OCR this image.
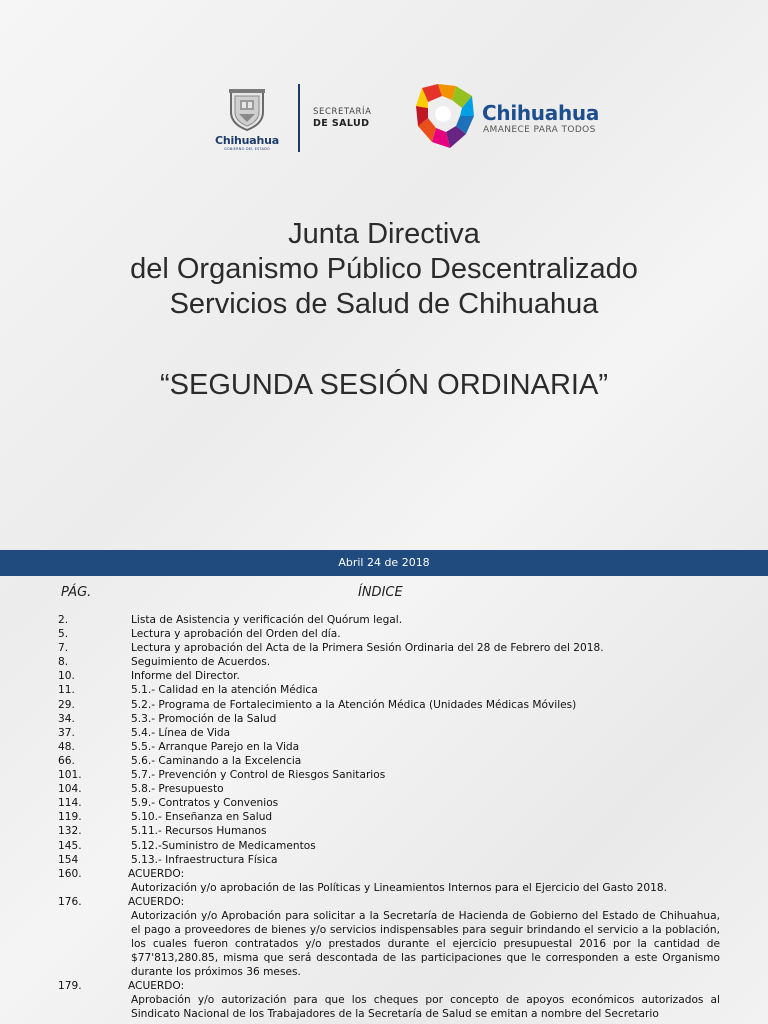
Chihuahua
GOBIERNO DEL ESTADO
SECRETARÍA
DE SALUD	Chihuahua
AMANECE PARA TODOS
Junta Directiva
del Organismo Público Descentralizado
Servicios de Salud de Chihuahua
“SEGUNDA SESIÓN ORDINARIA”
Abril 24 de 2018
PÁG.	ÍNDICE
2.	Lista de Asistencia y verificación del Quórum legal.
5.	Lectura y aprobación del Orden del día.
7.	Lectura y aprobación del Acta de la Primera Sesión Ordinaria del 28 de Febrero del 2018.
8.	Seguimiento de Acuerdos.
10.	Informe del Director.
11.	5.1.- Calidad en la atención Médica
29.	5.2.- Programa de Fortalecimiento a la Atención Médica (Unidades Médicas Móviles)
34.	5.3.- Promoción de la Salud
37.	5.4.- Línea de Vida
48.	5.5.- Arranque Parejo en la Vida
66.	5.6.- Caminando a la Excelencia
101.	5.7.- Prevención y Control de Riesgos Sanitarios
104.	5.8.- Presupuesto
114.	5.9.- Contratos y Convenios
119.	5.10.- Enseñanza en Salud
132.	5.11.- Recursos Humanos
145.	5.12.-Suministro de Medicamentos
154	5.13.- Infraestructura Física
160.	ACUERDO:
Autorización y/o aprobación de las Políticas y Lineamientos Internos para el Ejercicio del Gasto 2018.
176.	ACUERDO:
Autorización y/o Aprobación para solicitar a la Secretaría de Hacienda de Gobierno del Estado de Chihuahua, el pago a proveedores de bienes y/o servicios indispensables para seguir brindando el servicio a la población, los cuales fueron contratados y/o prestados durante el ejercicio presupuestal 2016 por la cantidad de $77'813,280.85, misma que será descontada de las participaciones que le corresponden a este Organismo durante los próximos 36 meses.
179.	ACUERDO:
Aprobación y/o autorización para que los cheques por concepto de apoyos económicos autorizados al Sindicato Nacional de los Trabajadores de la Secretaría de Salud se emitan a nombre del Secretario
